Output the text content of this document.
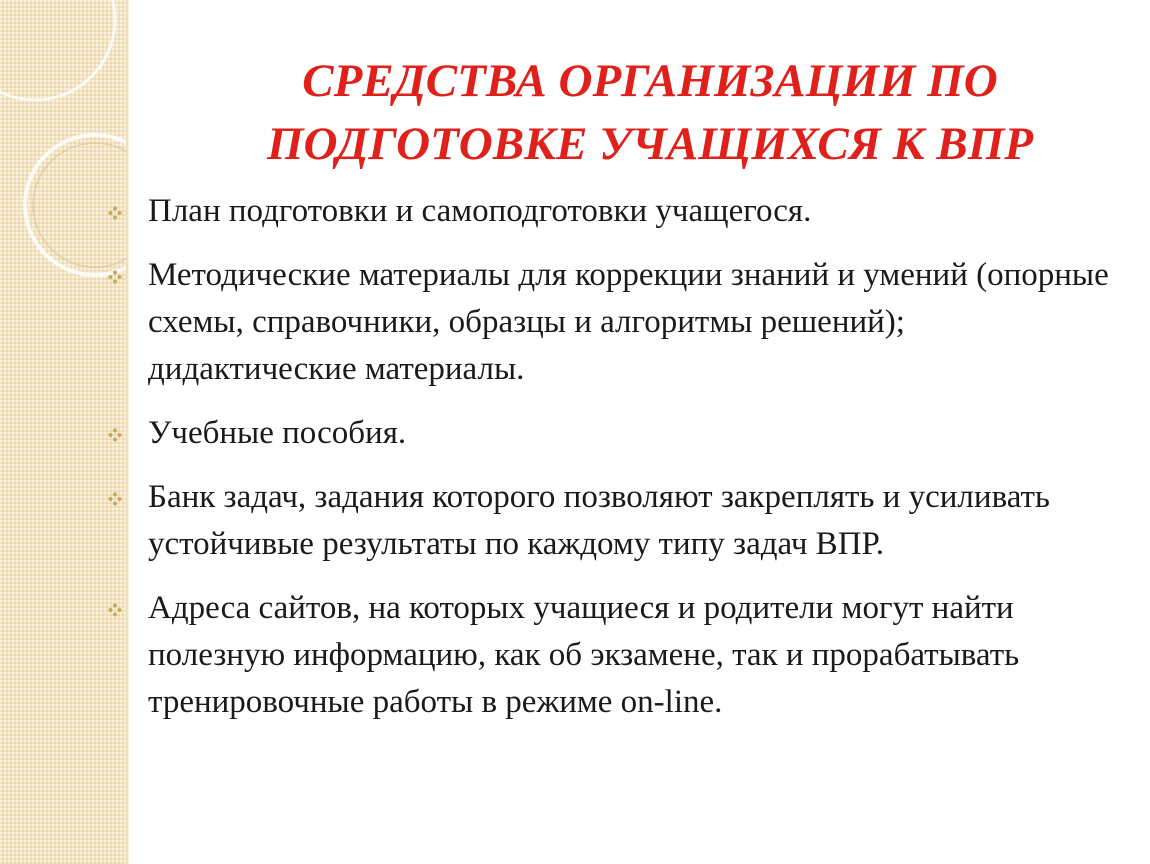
СРЕДСТВА ОРГАНИЗАЦИИ ПО ПОДГОТОВКЕ УЧАЩИХСЯ К ВПР
План подготовки и самоподготовки учащегося.
Методические материалы для коррекции знаний и умений (опорные схемы, справочники, образцы и алгоритмы решений); дидактические материалы.
Учебные пособия.
Банк задач, задания которого позволяют закреплять и усиливать устойчивые результаты по каждому типу задач ВПР.
Адреса сайтов, на которых учащиеся и родители могут найти полезную информацию, как об экзамене, так и прорабатывать тренировочные работы в режиме on-line.
